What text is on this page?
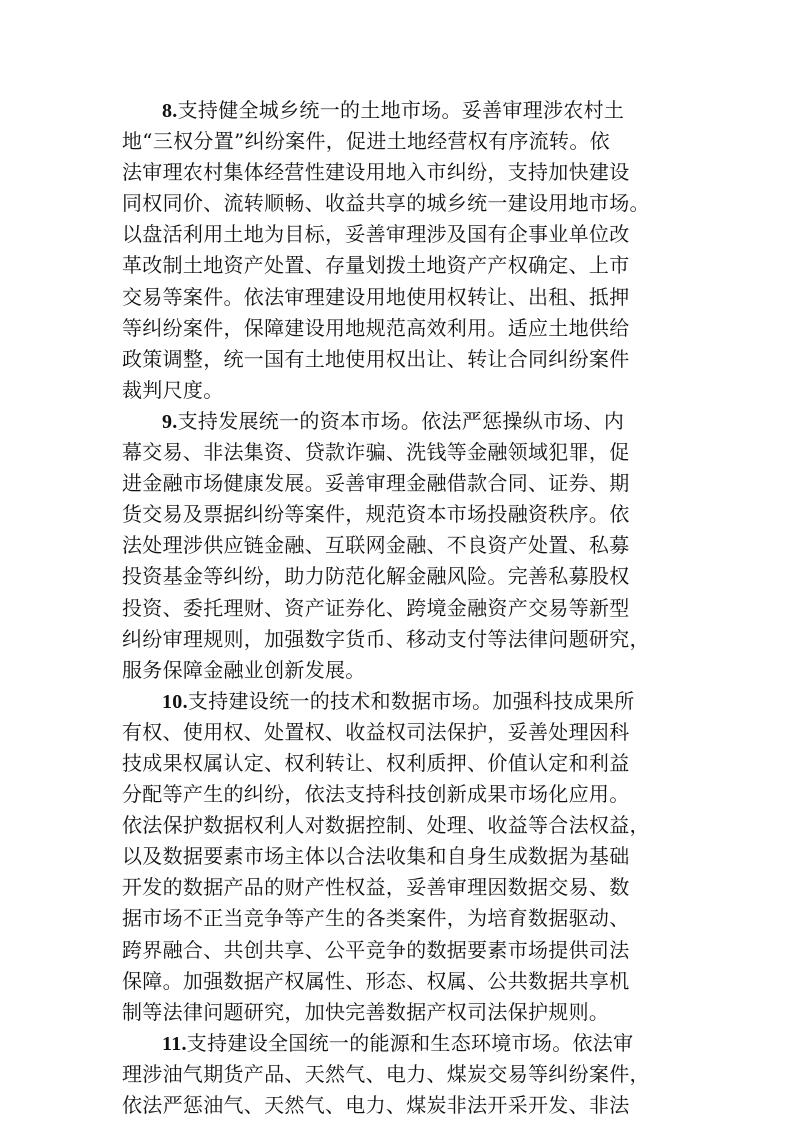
8.支持健全城乡统一的土地市场。妥善审理涉农村土
地“三权分置”纠纷案件，促进土地经营权有序流转。依
法审理农村集体经营性建设用地入市纠纷，支持加快建设
同权同价、流转顺畅、收益共享的城乡统一建设用地市场。
以盘活利用土地为目标，妥善审理涉及国有企事业单位改
革改制土地资产处置、存量划拨土地资产产权确定、上市
交易等案件。依法审理建设用地使用权转让、出租、抵押
等纠纷案件，保障建设用地规范高效利用。适应土地供给
政策调整，统一国有土地使用权出让、转让合同纠纷案件
裁判尺度。
9.支持发展统一的资本市场。依法严惩操纵市场、内
幕交易、非法集资、贷款诈骗、洗钱等金融领域犯罪，促
进金融市场健康发展。妥善审理金融借款合同、证券、期
货交易及票据纠纷等案件，规范资本市场投融资秩序。依
法处理涉供应链金融、互联网金融、不良资产处置、私募
投资基金等纠纷，助力防范化解金融风险。完善私募股权
投资、委托理财、资产证券化、跨境金融资产交易等新型
纠纷审理规则，加强数字货币、移动支付等法律问题研究，
服务保障金融业创新发展。
10.支持建设统一的技术和数据市场。加强科技成果所
有权、使用权、处置权、收益权司法保护，妥善处理因科
技成果权属认定、权利转让、权利质押、价值认定和利益
分配等产生的纠纷，依法支持科技创新成果市场化应用。
依法保护数据权利人对数据控制、处理、收益等合法权益，
以及数据要素市场主体以合法收集和自身生成数据为基础
开发的数据产品的财产性权益，妥善审理因数据交易、数
据市场不正当竞争等产生的各类案件，为培育数据驱动、
跨界融合、共创共享、公平竞争的数据要素市场提供司法
保障。加强数据产权属性、形态、权属、公共数据共享机
制等法律问题研究，加快完善数据产权司法保护规则。
11.支持建设全国统一的能源和生态环境市场。依法审
理涉油气期货产品、天然气、电力、煤炭交易等纠纷案件，
依法严惩油气、天然气、电力、煤炭非法开采开发、非法
